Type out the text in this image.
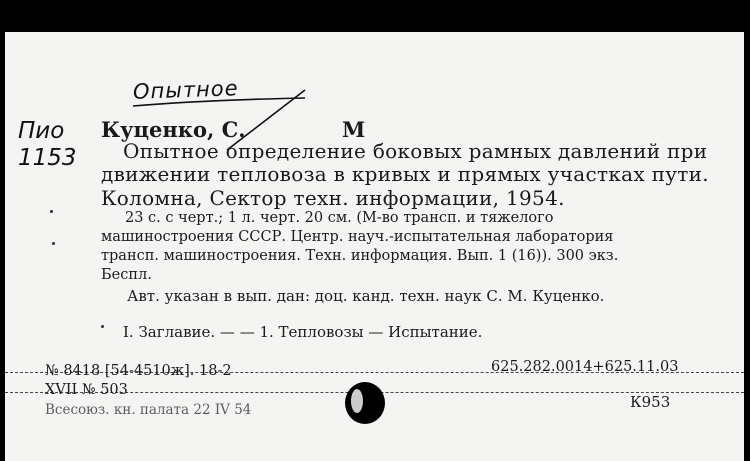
Опытное
Пио
1153
Куценко, С.	М
Опытное определение боковых рамных давлений при
движении тепловоза в кривых и прямых участках пути.
Коломна, Сектор техн. информации, 1954.
23 с. с черт.; 1 л. черт. 20 см. (М-во трансп. и тяжелого
машиностроения СССР. Центр. науч.-испытательная лаборатория
трансп. машиностроения. Техн. информация. Вып. 1 (16)). 300 экз.
Беспл.
Авт. указан в вып. дан: доц. канд. техн. наук С. М. Куценко.
I. Заглавие. — — 1. Тепловозы — Испытание.
№ 8418 [54-4510ж]. 18-2
XVII № 503
Всесоюз. кн. палата 22 IV 54
625.282.0014+625.11.03
К953
